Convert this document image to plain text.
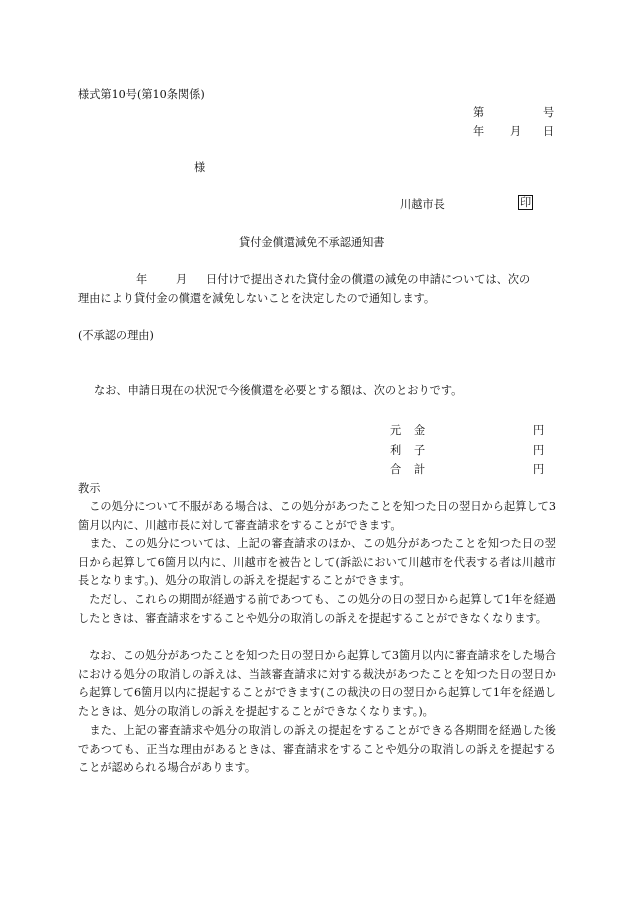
様式第10号(第10条関係)
第	号
年 月 日
様
川越市長	印
貸付金償還減免不承認通知書
年	月 日付けで提出された貸付金の償還の減免の申請については、次の
理由により貸付金の償還を減免しないことを決定したので通知します。
(不承認の理由)
なお、申請日現在の状況で今後償還を必要とする額は、次のとおりです。
元 金	円
利 子	円
合 計	円
教示
　この処分について不服がある場合は、この処分があつたことを知つた日の翌日から起算して3箇月以内に、川越市長に対して審査請求をすることができます。
　また、この処分については、上記の審査請求のほか、この処分があつたことを知つた日の翌日から起算して6箇月以内に、川越市を被告として(訴訟において川越市を代表する者は川越市長となります。)、処分の取消しの訴えを提起することができます。
　ただし、これらの期間が経過する前であつても、この処分の日の翌日から起算して1年を経過したときは、審査請求をすることや処分の取消しの訴えを提起することができなくなります。
　なお、この処分があつたことを知つた日の翌日から起算して3箇月以内に審査請求をした場合における処分の取消しの訴えは、当該審査請求に対する裁決があつたことを知つた日の翌日から起算して6箇月以内に提起することができます(この裁決の日の翌日から起算して1年を経過したときは、処分の取消しの訴えを提起することができなくなります。)。
　また、上記の審査請求や処分の取消しの訴えの提起をすることができる各期間を経過した後であつても、正当な理由があるときは、審査請求をすることや処分の取消しの訴えを提起することが認められる場合があります。
